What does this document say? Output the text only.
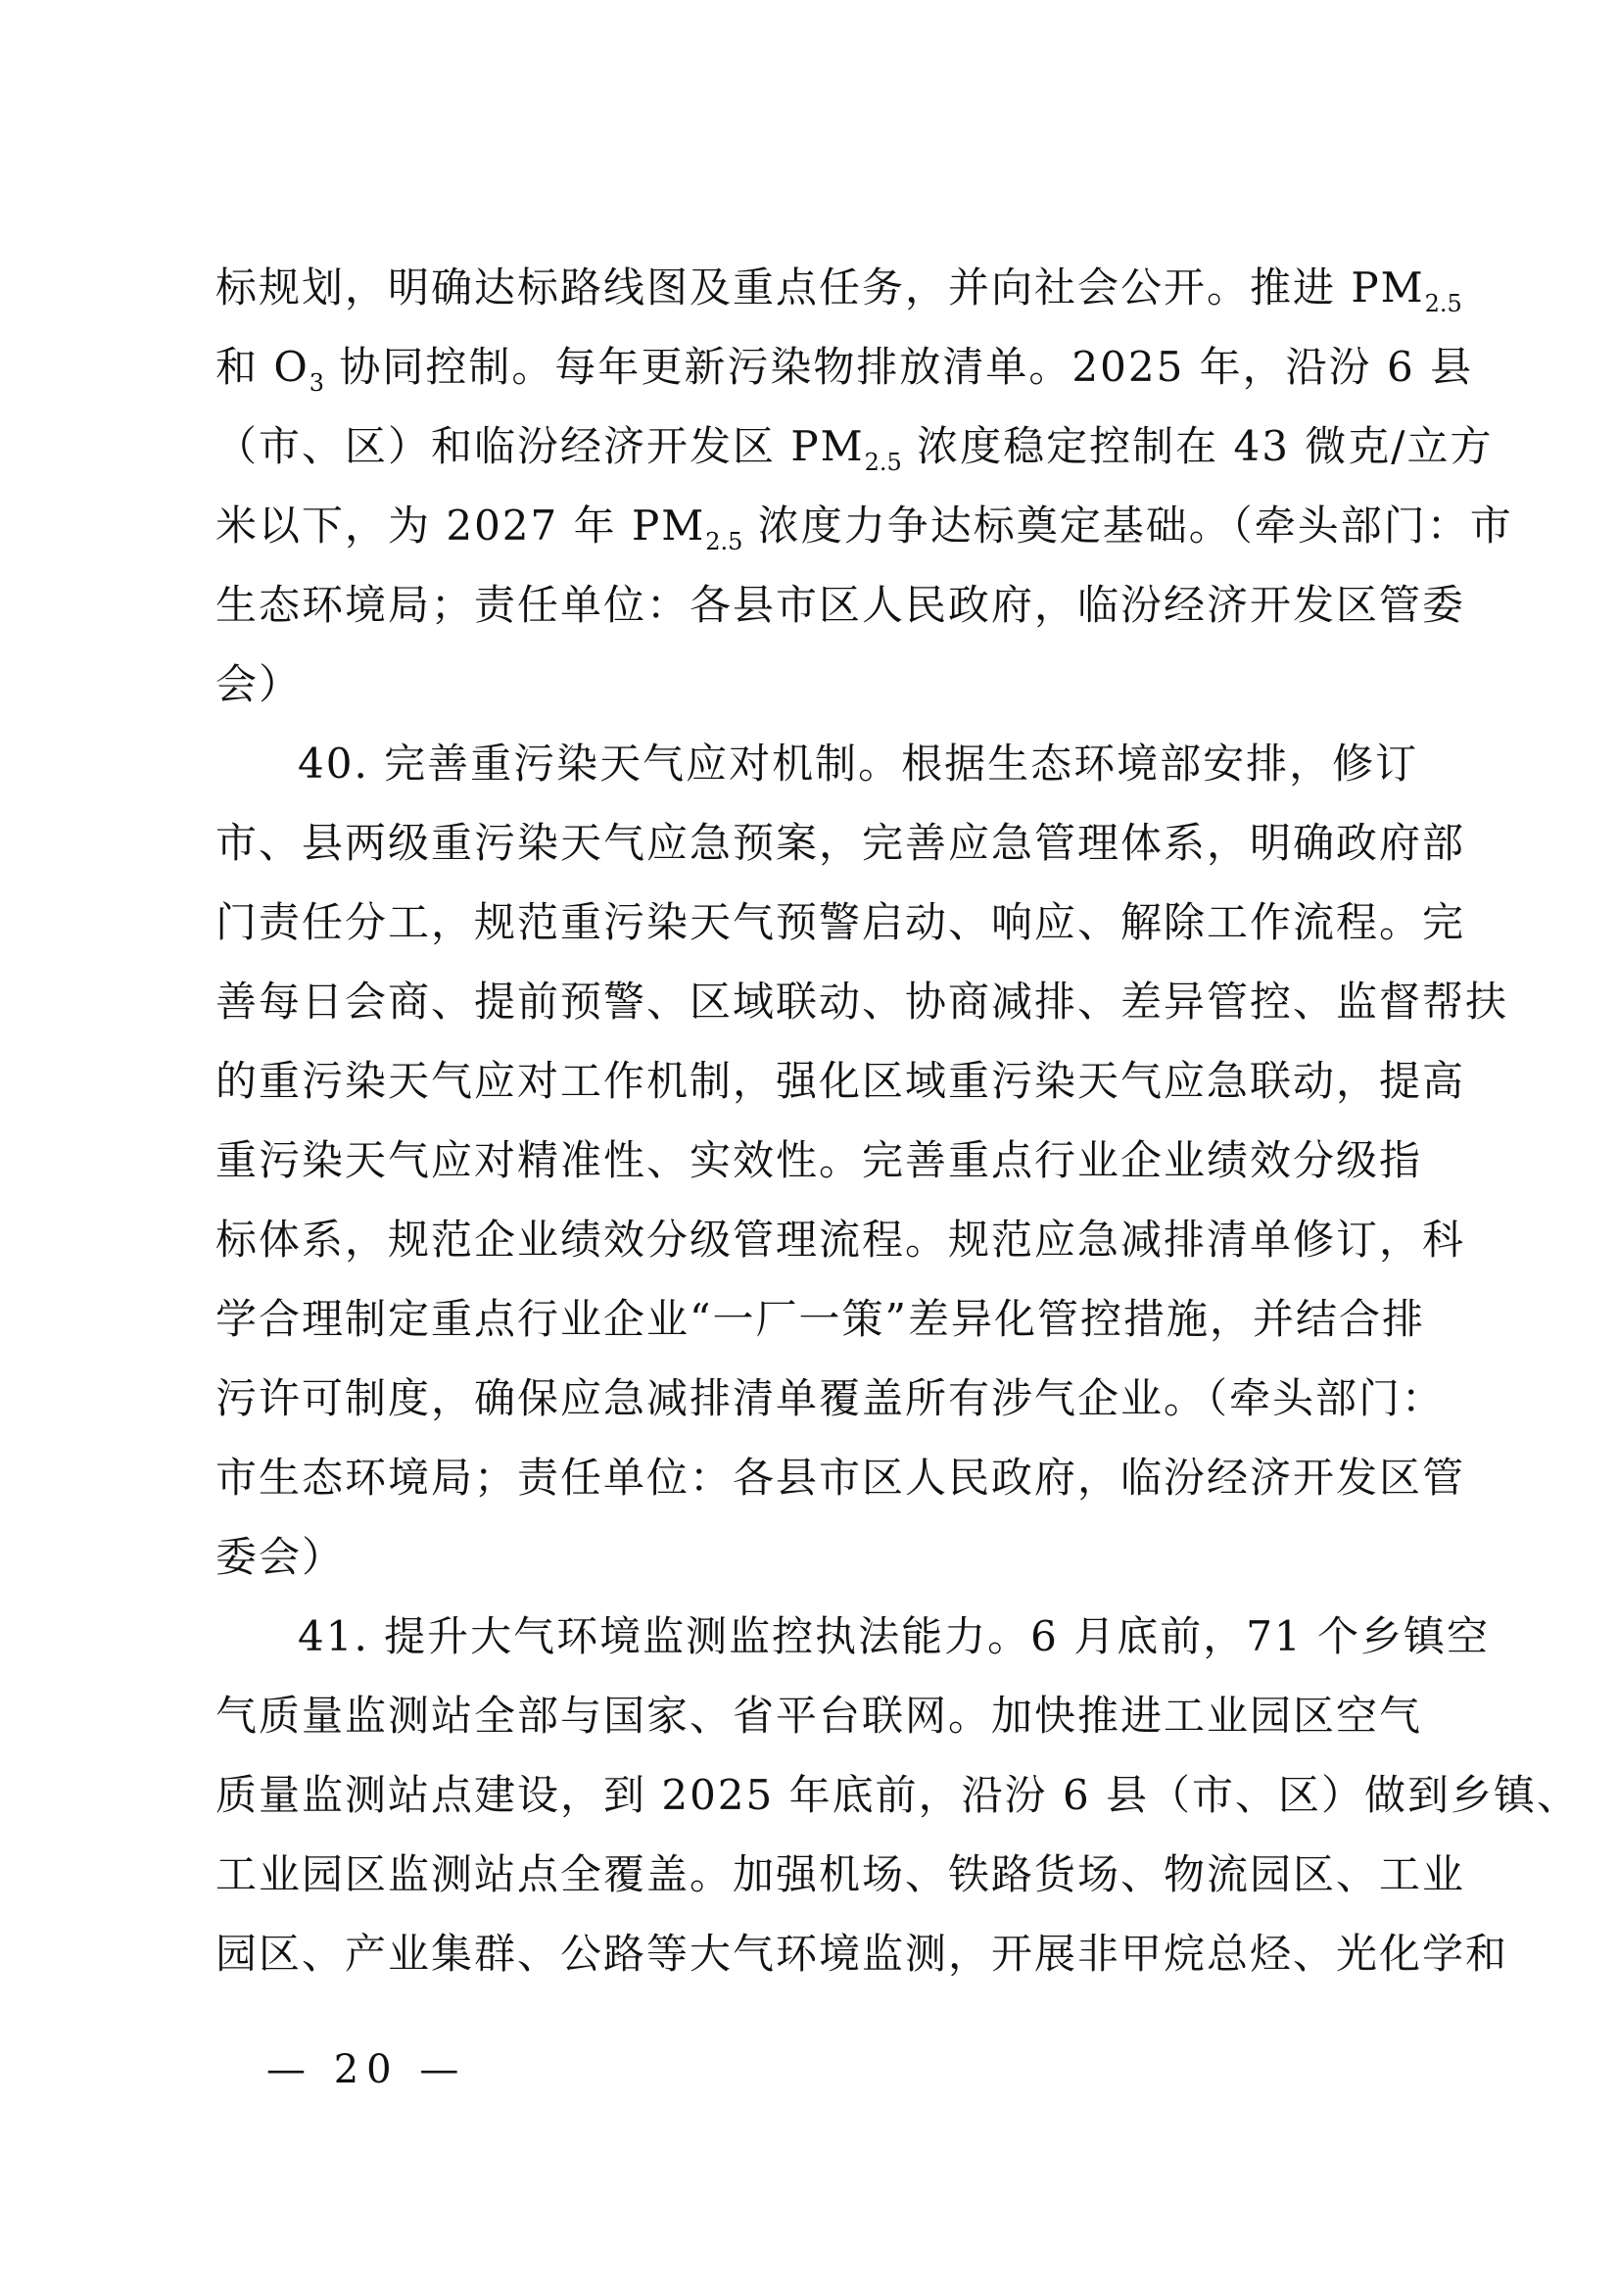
标规划，明确达标路线图及重点任务，并向社会公开。推进 $PM_{2.5}$
和 $O_3$ 协同控制。每年更新污染物排放清单。2025 年，沿汾 6 县
（市、区）和临汾经济开发区 $PM_{2.5}$ 浓度稳定控制在 43 微克/立方
米以下，为 2027 年 $PM_{2.5}$ 浓度力争达标奠定基础。（牵头部门：市
生态环境局；责任单位：各县市区人民政府，临汾经济开发区管委
会）
40. 完善重污染天气应对机制。根据生态环境部安排，修订
市、县两级重污染天气应急预案，完善应急管理体系，明确政府部
门责任分工，规范重污染天气预警启动、响应、解除工作流程。完
善每日会商、提前预警、区域联动、协商减排、差异管控、监督帮扶
的重污染天气应对工作机制，强化区域重污染天气应急联动，提高
重污染天气应对精准性、实效性。完善重点行业企业绩效分级指
标体系，规范企业绩效分级管理流程。规范应急减排清单修订，科
学合理制定重点行业企业“一厂一策”差异化管控措施，并结合排
污许可制度，确保应急减排清单覆盖所有涉气企业。（牵头部门：
市生态环境局；责任单位：各县市区人民政府，临汾经济开发区管
委会）
41. 提升大气环境监测监控执法能力。6 月底前，71 个乡镇空
气质量监测站全部与国家、省平台联网。加快推进工业园区空气
质量监测站点建设，到 2025 年底前，沿汾 6 县（市、区）做到乡镇、
工业园区监测站点全覆盖。加强机场、铁路货场、物流园区、工业
园区、产业集群、公路等大气环境监测，开展非甲烷总烃、光化学和
— 20 —
